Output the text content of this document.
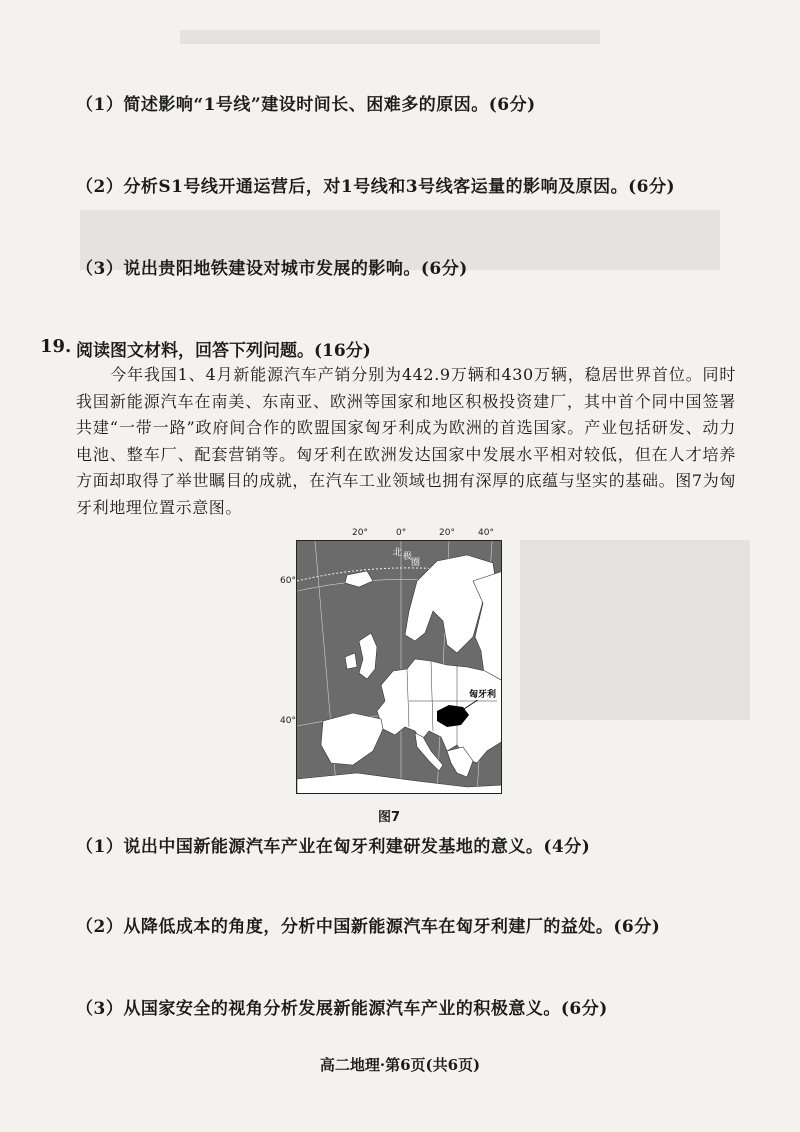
（1）简述影响“1号线”建设时间长、困难多的原因。(6分)
（2）分析S1号线开通运营后，对1号线和3号线客运量的影响及原因。(6分)
（3）说出贵阳地铁建设对城市发展的影响。(6分)
19. 阅读图文材料，回答下列问题。(16分)
今年我国1、4月新能源汽车产销分别为442.9万辆和430万辆，稳居世界首位。同时我国新能源汽车在南美、东南亚、欧洲等国家和地区积极投资建厂，其中首个同中国签署共建“一带一路”政府间合作的欧盟国家匈牙利成为欧洲的首选国家。产业包括研发、动力电池、整车厂、配套营销等。匈牙利在欧洲发达国家中发展水平相对较低，但在人才培养方面却取得了举世瞩目的成就，在汽车工业领域也拥有深厚的底蕴与坚实的基础。图7为匈牙利地理位置示意图。
20°	0°	20°	40°
60°
40°
北 极
圈
匈牙利
图7
（1）说出中国新能源汽车产业在匈牙利建研发基地的意义。(4分)
（2）从降低成本的角度，分析中国新能源汽车在匈牙利建厂的益处。(6分)
（3）从国家安全的视角分析发展新能源汽车产业的积极意义。(6分)
高二地理·第6页(共6页)
